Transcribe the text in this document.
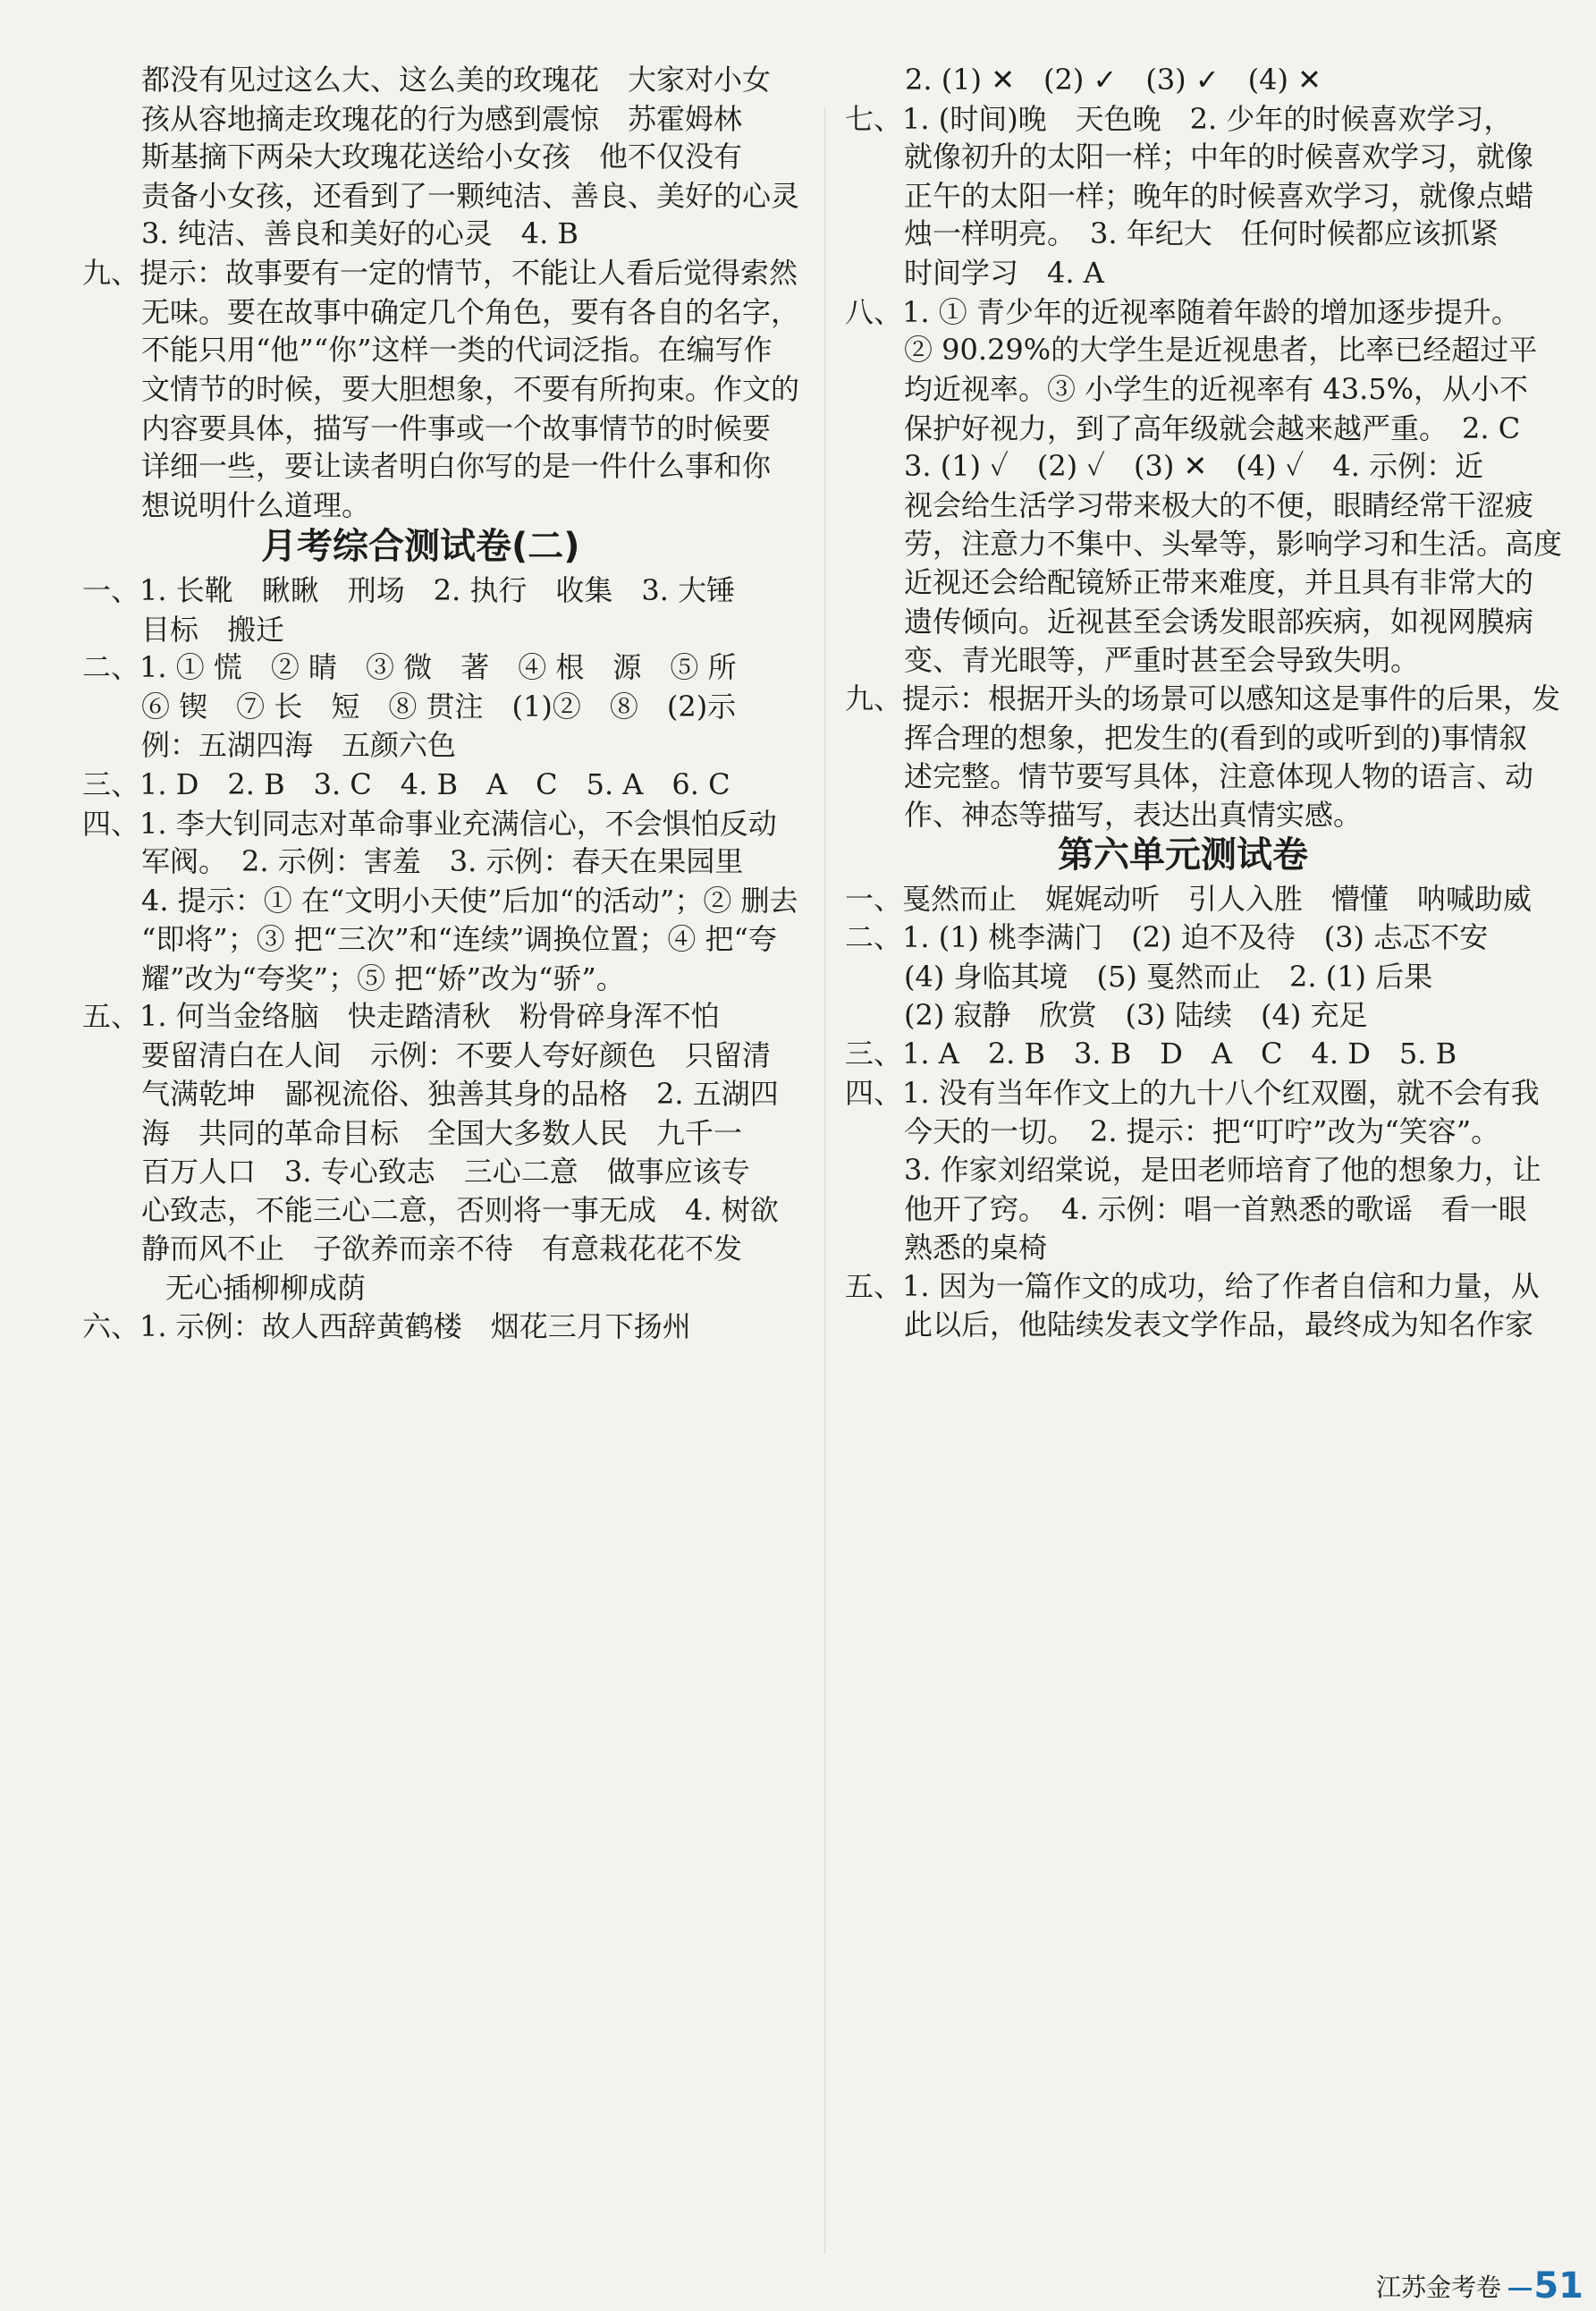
都没有见过这么大、这么美的玫瑰花　大家对小女
孩从容地摘走玫瑰花的行为感到震惊　苏霍姆林
斯基摘下两朵大玫瑰花送给小女孩　他不仅没有
责备小女孩，还看到了一颗纯洁、善良、美好的心灵
3. 纯洁、善良和美好的心灵　4. B
九、提示：故事要有一定的情节，不能让人看后觉得索然
无味。要在故事中确定几个角色，要有各自的名字，
不能只用“他”“你”这样一类的代词泛指。在编写作
文情节的时候，要大胆想象，不要有所拘束。作文的
内容要具体，描写一件事或一个故事情节的时候要
详细一些，要让读者明白你写的是一件什么事和你
想说明什么道理。
月考综合测试卷(二)
一、1. 长靴　瞅瞅　刑场　2. 执行　收集　3. 大锤
目标　搬迁
二、1. ① 慌　② 睛　③ 微　著　④ 根　源　⑤ 所
⑥ 锲　⑦ 长　短　⑧ 贯注　(1)②　⑧　(2)示
例：五湖四海　五颜六色
三、1. D　2. B　3. C　4. B　A　C　5. A　6. C
四、1. 李大钊同志对革命事业充满信心，不会惧怕反动
军阀。　2. 示例：害羞　3. 示例：春天在果园里
4. 提示：① 在“文明小天使”后加“的活动”；② 删去
“即将”；③ 把“三次”和“连续”调换位置；④ 把“夸
耀”改为“夸奖”；⑤ 把“娇”改为“骄”。
五、1. 何当金络脑　快走踏清秋　粉骨碎身浑不怕
要留清白在人间　示例：不要人夸好颜色　只留清
气满乾坤　鄙视流俗、独善其身的品格　2. 五湖四
海　共同的革命目标　全国大多数人民　九千一
百万人口　3. 专心致志　三心二意　做事应该专
心致志，不能三心二意，否则将一事无成　4. 树欲
静而风不止　子欲养而亲不待　有意栽花花不发
无心插柳柳成荫
六、1. 示例：故人西辞黄鹤楼　烟花三月下扬州
2. (1) ✕　(2) ✓　(3) ✓　(4) ✕
七、1. (时间)晚　天色晚　2. 少年的时候喜欢学习，
就像初升的太阳一样；中年的时候喜欢学习，就像
正午的太阳一样；晚年的时候喜欢学习，就像点蜡
烛一样明亮。　3. 年纪大　任何时候都应该抓紧
时间学习　4. A
八、1. ① 青少年的近视率随着年龄的增加逐步提升。
② 90.29%的大学生是近视患者，比率已经超过平
均近视率。③ 小学生的近视率有 43.5%，从小不
保护好视力，到了高年级就会越来越严重。　2. C
3. (1) ✓　(2) ✓　(3) ✕　(4) ✓　4. 示例：近
视会给生活学习带来极大的不便，眼睛经常干涩疲
劳，注意力不集中、头晕等，影响学习和生活。高度
近视还会给配镜矫正带来难度，并且具有非常大的
遗传倾向。近视甚至会诱发眼部疾病，如视网膜病
变、青光眼等，严重时甚至会导致失明。
九、提示：根据开头的场景可以感知这是事件的后果，发
挥合理的想象，把发生的(看到的或听到的)事情叙
述完整。情节要写具体，注意体现人物的语言、动
作、神态等描写，表达出真情实感。
第六单元测试卷
一、戛然而止　娓娓动听　引人入胜　懵懂　呐喊助威
二、1. (1) 桃李满门　(2) 迫不及待　(3) 忐忑不安
(4) 身临其境　(5) 戛然而止　2. (1) 后果
(2) 寂静　欣赏　(3) 陆续　(4) 充足
三、1. A　2. B　3. B　D　A　C　4. D　5. B
四、1. 没有当年作文上的九十八个红双圈，就不会有我
今天的一切。　2. 提示：把“叮咛”改为“笑容”。
3. 作家刘绍棠说，是田老师培育了他的想象力，让
他开了窍。　4. 示例：唱一首熟悉的歌谣　看一眼
熟悉的桌椅
五、1. 因为一篇作文的成功，给了作者自信和力量，从
此以后，他陆续发表文学作品，最终成为知名作家
江苏金考卷 51
